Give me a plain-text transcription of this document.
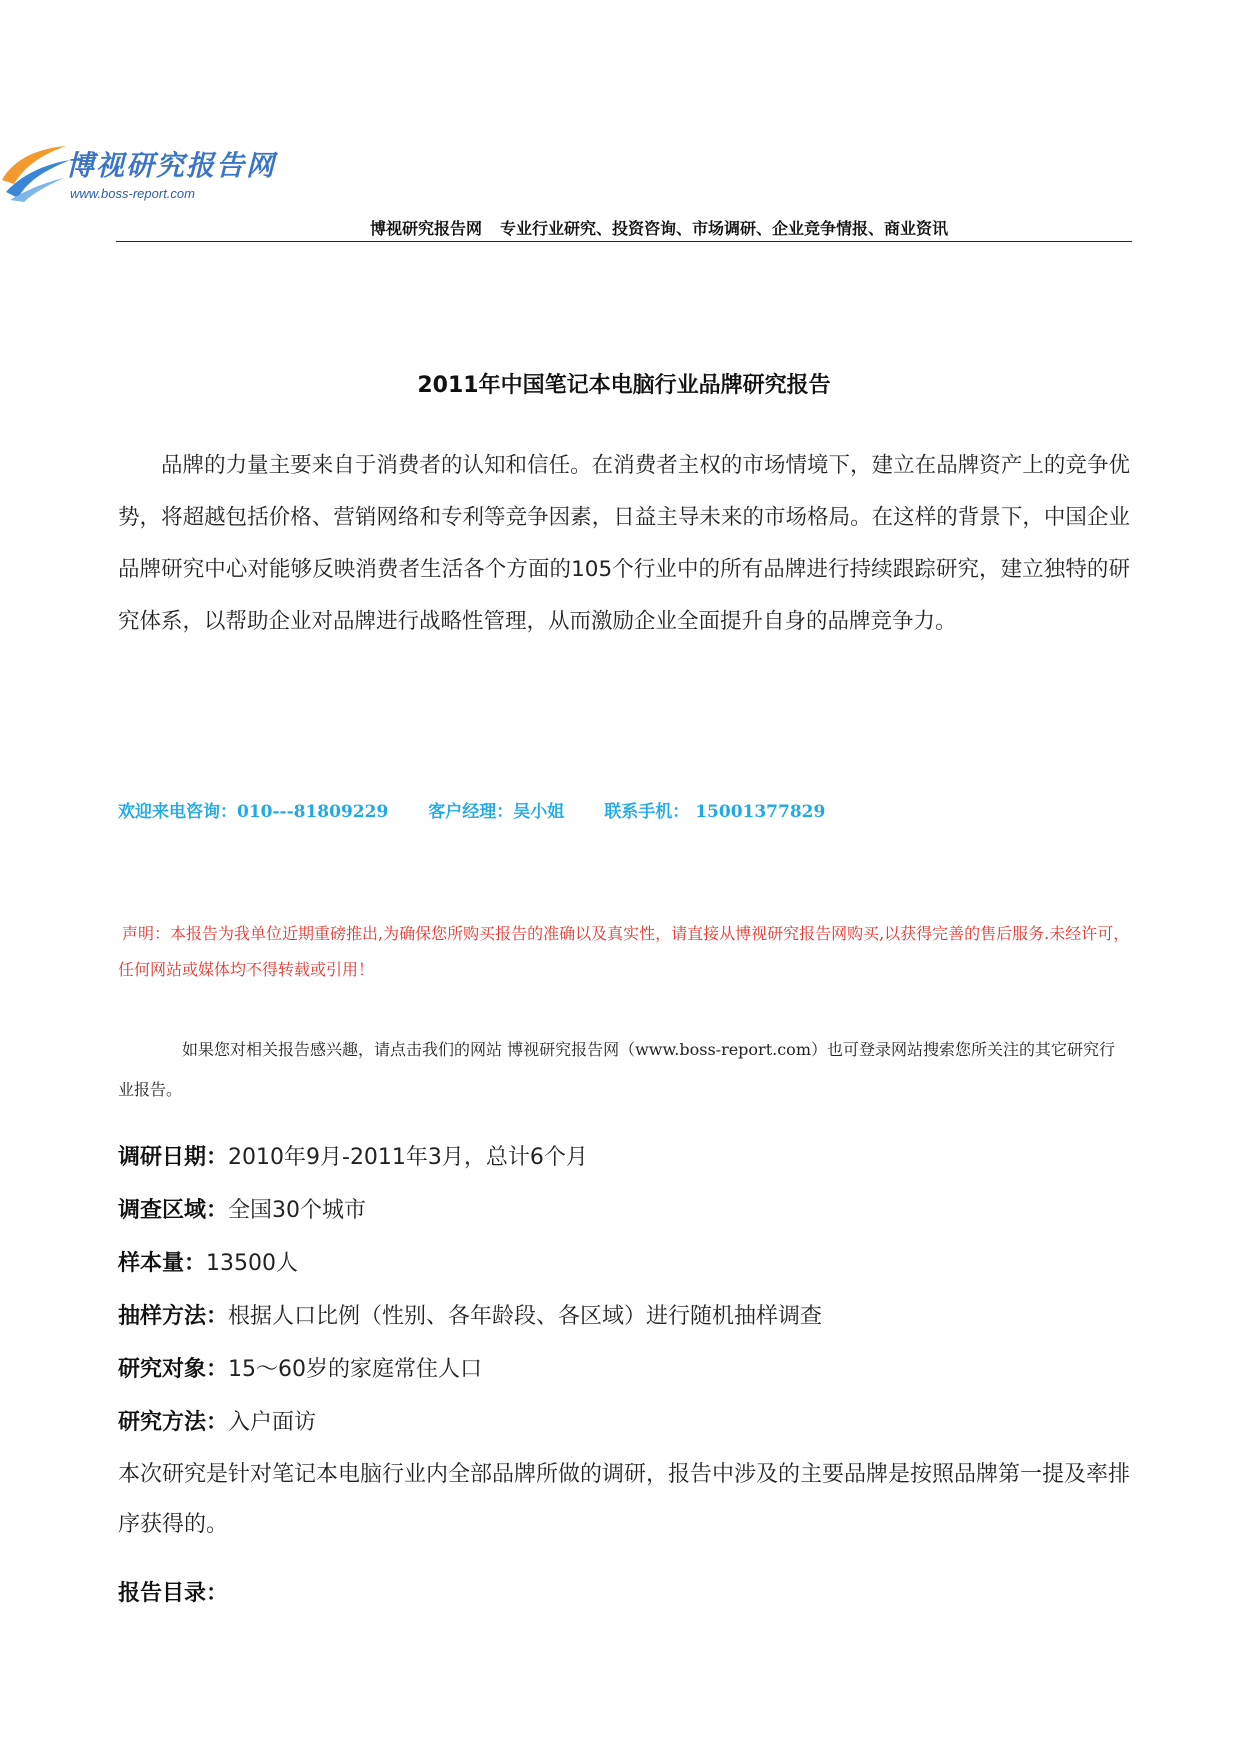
博视研究报告网
www.boss-report.com
博视研究报告网 专业行业研究、投资咨询、市场调研、企业竞争情报、商业资讯
2011年中国笔记本电脑行业品牌研究报告

品牌的力量主要来自于消费者的认知和信任。在消费者主权的市场情境下，建立在品牌资产上的竞争优势，将超越包括价格、营销网络和专利等竞争因素，日益主导未来的市场格局。在这样的背景下，中国企业品牌研究中心对能够反映消费者生活各个方面的105个行业中的所有品牌进行持续跟踪研究，建立独特的研究体系，以帮助企业对品牌进行战略性管理，从而激励企业全面提升自身的品牌竞争力。

欢迎来电咨询：010---81809229 客户经理：吴小姐 联系手机： 15001377829

声明：本报告为我单位近期重磅推出,为确保您所购买报告的准确以及真实性，请直接从博视研究报告网购买,以获得完善的售后服务.未经许可，任何网站或媒体均不得转载或引用！

如果您对相关报告感兴趣，请点击我们的网站 博视研究报告网（www.boss-report.com）也可登录网站搜索您所关注的其它研究行业报告。

调研日期：2010年9月-2011年3月，总计6个月
调查区域：全国30个城市
样本量：13500人
抽样方法：根据人口比例（性别、各年龄段、各区域）进行随机抽样调查
研究对象：15～60岁的家庭常住人口
研究方法：入户面访

本次研究是针对笔记本电脑行业内全部品牌所做的调研，报告中涉及的主要品牌是按照品牌第一提及率排序获得的。

报告目录：
